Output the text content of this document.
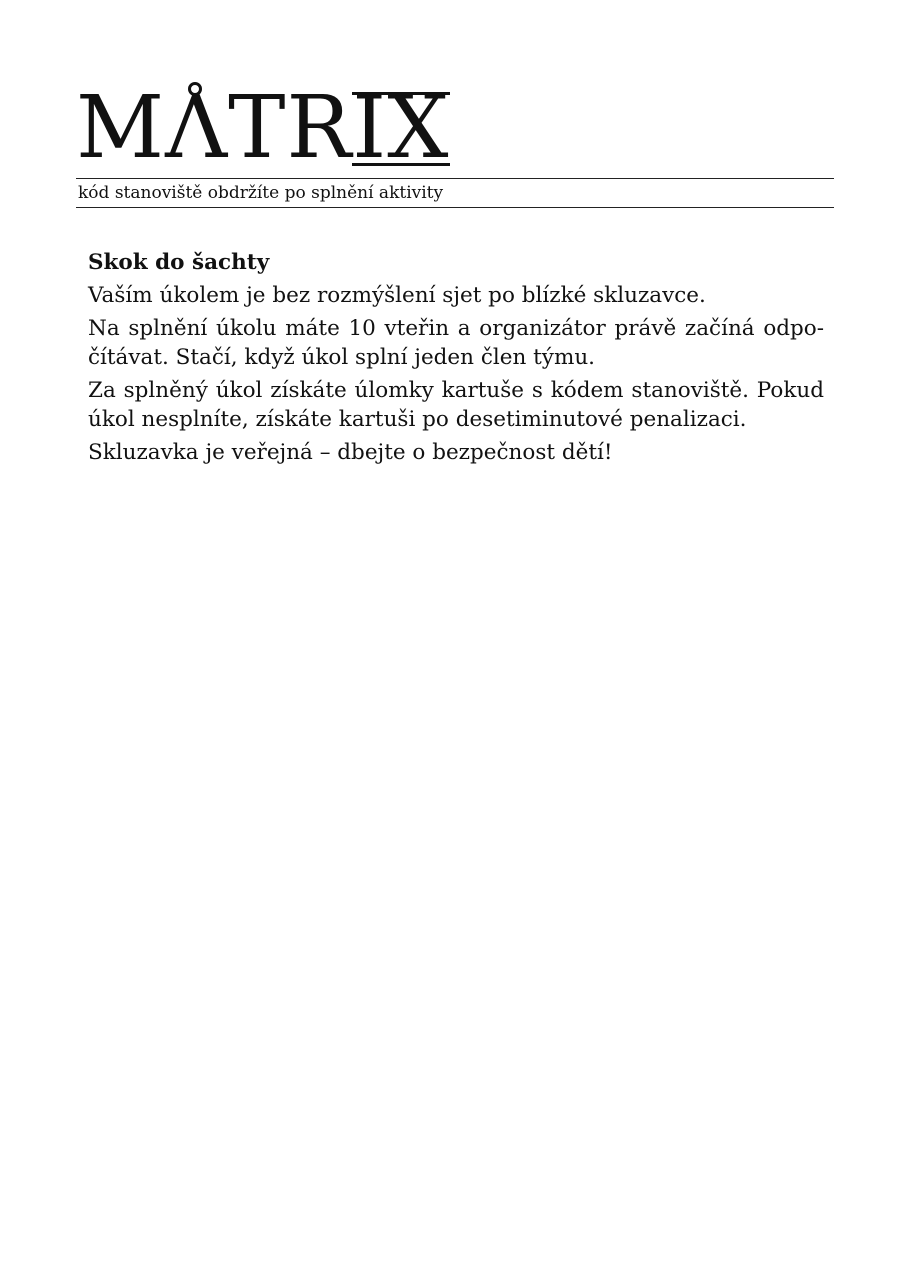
M
ΛTRIX
kód stanoviště obdržíte po splnění aktivity
Skok do šachty

Vaším úkolem je bez rozmýšlení sjet po blízké skluzavce.

Na splnění úkolu máte 10 vteřin a organizátor právě začíná odpočítávat. Stačí, když úkol splní jeden člen týmu.

Za splněný úkol získáte úlomky kartuše s kódem stanoviště. Pokud úkol nesplníte, získáte kartuši po desetiminutové penalizaci.

Skluzavka je veřejná – dbejte o bezpečnost dětí!
